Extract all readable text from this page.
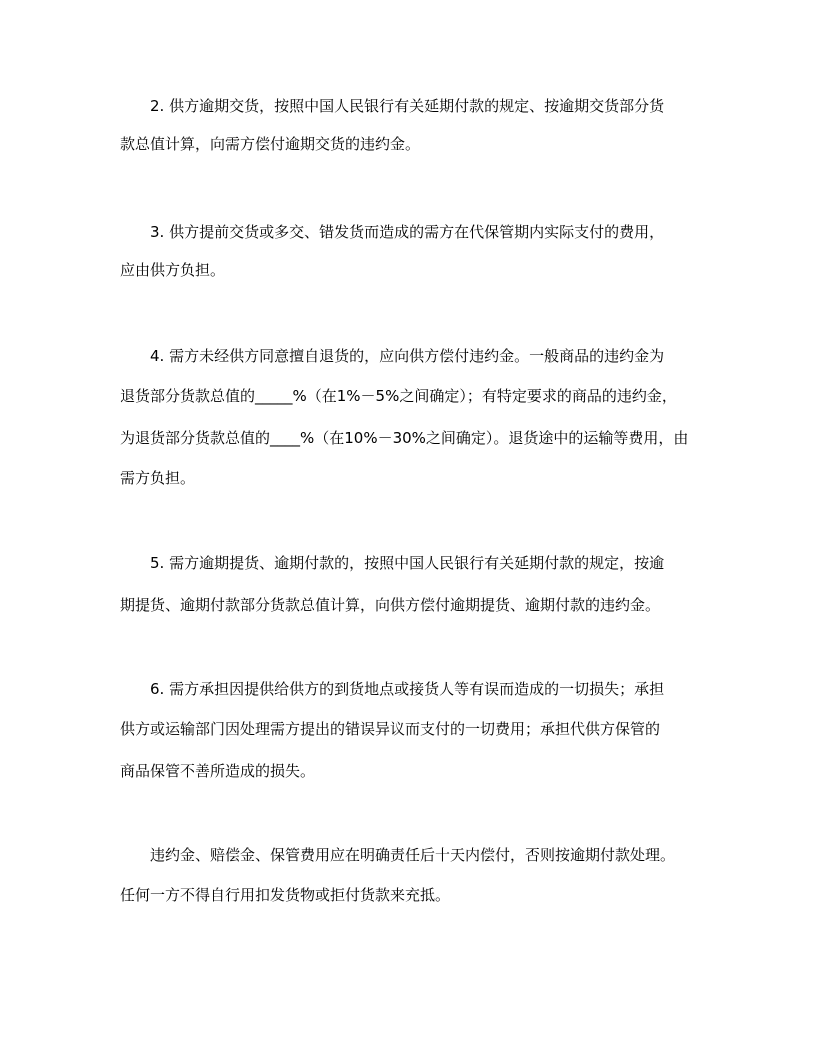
2. 供方逾期交货，按照中国人民银行有关延期付款的规定、按逾期交货部分货
款总值计算，向需方偿付逾期交货的违约金。
3. 供方提前交货或多交、错发货而造成的需方在代保管期内实际支付的费用，
应由供方负担。
4. 需方未经供方同意擅自退货的，应向供方偿付违约金。一般商品的违约金为
退货部分货款总值的_____%（在1%－5%之间确定）；有特定要求的商品的违约金，
为退货部分货款总值的____%（在10%－30%之间确定）。退货途中的运输等费用，由
需方负担。
5. 需方逾期提货、逾期付款的，按照中国人民银行有关延期付款的规定，按逾
期提货、逾期付款部分货款总值计算，向供方偿付逾期提货、逾期付款的违约金。
6. 需方承担因提供给供方的到货地点或接货人等有误而造成的一切损失；承担
供方或运输部门因处理需方提出的错误异议而支付的一切费用；承担代供方保管的
商品保管不善所造成的损失。
违约金、赔偿金、保管费用应在明确责任后十天内偿付，否则按逾期付款处理。
任何一方不得自行用扣发货物或拒付货款来充抵。
